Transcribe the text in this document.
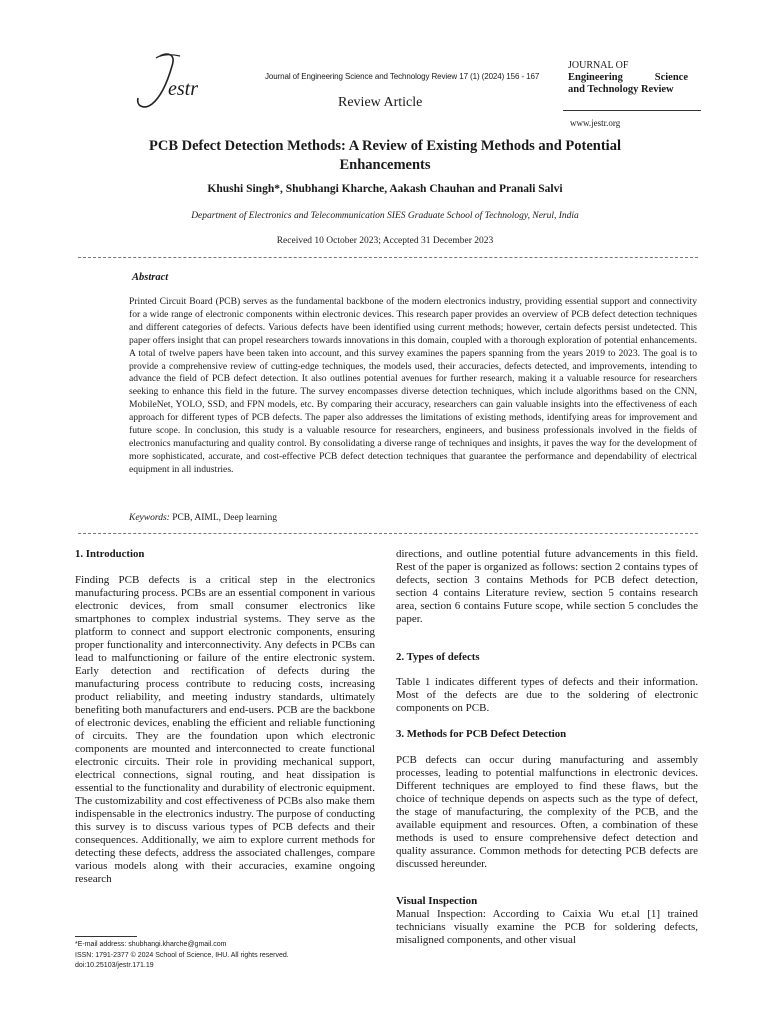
estr
Journal of Engineering Science and Technology Review 17 (1) (2024) 156 - 167
Review Article
JOURNAL OF
Engineering	Science
and Technology Review
www.jestr.org
PCB Defect Detection Methods: A Review of Existing Methods and Potential Enhancements
Khushi Singh*, Shubhangi Kharche, Aakash Chauhan and Pranali Salvi
Department of Electronics and Telecommunication SIES Graduate School of Technology, Nerul, India
Received 10 October 2023; Accepted 31 December 2023
Abstract
Printed Circuit Board (PCB) serves as the fundamental backbone of the modern electronics industry, providing essential support and connectivity for a wide range of electronic components within electronic devices. This research paper provides an overview of PCB defect detection techniques and different categories of defects. Various defects have been identified using current methods; however, certain defects persist undetected. This paper offers insight that can propel researchers towards innovations in this domain, coupled with a thorough exploration of potential enhancements. A total of twelve papers have been taken into account, and this survey examines the papers spanning from the years 2019 to 2023. The goal is to provide a comprehensive review of cutting-edge techniques, the models used, their accuracies, defects detected, and improvements, intending to advance the field of PCB defect detection. It also outlines potential avenues for further research, making it a valuable resource for researchers seeking to enhance this field in the future. The survey encompasses diverse detection techniques, which include algorithms based on the CNN, MobileNet, YOLO, SSD, and FPN models, etc. By comparing their accuracy, researchers can gain valuable insights into the effectiveness of each approach for different types of PCB defects. The paper also addresses the limitations of existing methods, identifying areas for improvement and future scope. In conclusion, this study is a valuable resource for researchers, engineers, and business professionals involved in the fields of electronics manufacturing and quality control. By consolidating a diverse range of techniques and insights, it paves the way for the development of more sophisticated, accurate, and cost-effective PCB defect detection techniques that guarantee the performance and dependability of electrical equipment in all industries.
Keywords: PCB, AIML, Deep learning
1. Introduction
Finding PCB defects is a critical step in the electronics manufacturing process. PCBs are an essential component in various electronic devices, from small consumer electronics like smartphones to complex industrial systems. They serve as the platform to connect and support electronic components, ensuring proper functionality and interconnectivity. Any defects in PCBs can lead to malfunctioning or failure of the entire electronic system. Early detection and rectification of defects during the manufacturing process contribute to reducing costs, increasing product reliability, and meeting industry standards, ultimately benefiting both manufacturers and end-users. PCB are the backbone of electronic devices, enabling the efficient and reliable functioning of circuits. They are the foundation upon which electronic components are mounted and interconnected to create functional electronic circuits. Their role in providing mechanical support, electrical connections, signal routing, and heat dissipation is essential to the functionality and durability of electronic equipment. The customizability and cost effectiveness of PCBs also make them indispensable in the electronics industry. The purpose of conducting this survey is to discuss various types of PCB defects and their consequences. Additionally, we aim to explore current methods for detecting these defects, address the associated challenges, compare various models along with their accuracies, examine ongoing research
*E-mail address: shubhangi.kharche@gmail.com
ISSN: 1791-2377 © 2024 School of Science, IHU. All rights reserved.
doi:10.25103/jestr.171.19
directions, and outline potential future advancements in this field. Rest of the paper is organized as follows: section 2 contains types of defects, section 3 contains Methods for PCB defect detection, section 4 contains Literature review, section 5 contains research area, section 6 contains Future scope, while section 5 concludes the paper.
2. Types of defects
Table 1 indicates different types of defects and their information. Most of the defects are due to the soldering of electronic components on PCB.
3. Methods for PCB Defect Detection
PCB defects can occur during manufacturing and assembly processes, leading to potential malfunctions in electronic devices. Different techniques are employed to find these flaws, but the choice of technique depends on aspects such as the type of defect, the stage of manufacturing, the complexity of the PCB, and the available equipment and resources. Often, a combination of these methods is used to ensure comprehensive defect detection and quality assurance. Common methods for detecting PCB defects are discussed hereunder.
Visual Inspection
Manual Inspection: According to Caixia Wu et.al [1] trained technicians visually examine the PCB for soldering defects, misaligned components, and other visual
